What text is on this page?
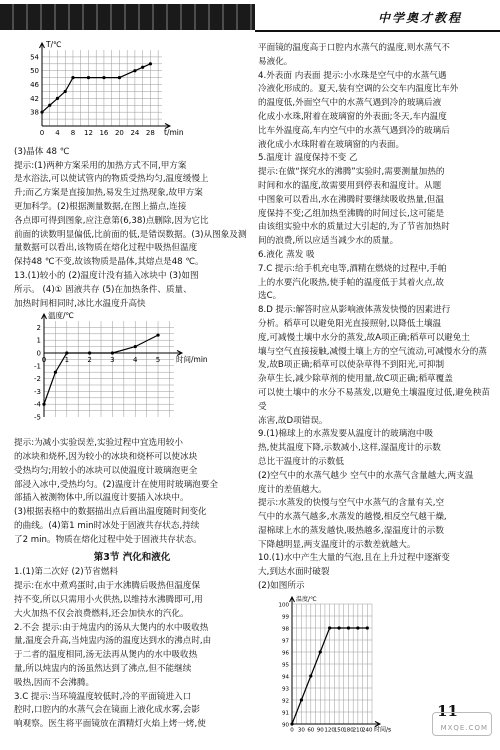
中学奥才教程
38
42
46
50
54
0 4 8 12 16 20 24 28
T/℃
t/min

(3)晶体 48 ℃

提示:(1)两种方案采用的加热方式不同,甲方案

是水浴法,可以使试管内的物质受热均匀,温度缓慢上

升;而乙方案是直接加热,易发生过热现象,故甲方案

更加科学。(2)根据测量数据,在图上描点,连接

各点即可得到图象,应注意第(6,38)点删除,因为它比

前面的读数明显偏低,比前面的低,是错误数据。(3)从图象及测

量数据可以看出,该物质在熔化过程中吸热但温度

保持48 ℃不变,故该物质是晶体,其熔点是48 ℃。

13.(1)较小的 (2)温度计没有插入冰块中 (3)如图

所示。 (4)① 固液共存 (5)在加热条件、质量、

加热时间相同时,冰比水温度升高快

2
1
0
-1
-2
-3
-4
-5
0	1	2	3	4	5
温度/℃
时间/min

提示:为减小实验误差,实验过程中宜选用较小

的冰块和烧杯,因为较小的冰块和烧杯可以使冰块

受热均匀;用较小的冰块可以使温度计玻璃泡更全

部浸入冰中,受热均匀。(2)温度计在使用时玻璃泡要全

部插入被测物体中,所以温度计要插入冰块中。

(3)根据表格中的数据描出点后画出温度随时间变化

的曲线。(4)第1 min时冰处于固液共存状态,持续

了2 min。物质在熔化过程中处于固液共存状态。

第3节 汽化和液化

1.(1)第二次好 (2)节省燃料

提示:在水中煮鸡蛋时,由于水沸腾后吸热但温度保

持不变,所以只需用小火供热,以维持水沸腾即可,用

大火加热不仅会浪费燃料,还会加快水的汽化。

2.不会 提示:由于炖盅内的汤从大煲内的水中吸收热

量,温度会升高,当炖盅内汤的温度达到水的沸点时,由

于二者的温度相同,汤无法再从煲内的水中吸收热

量,所以炖盅内的汤虽然达到了沸点,但不能继续

吸热,因而不会沸腾。

3.C 提示:当环境温度较低时,冷的平面镜进入口

腔时,口腔内的水蒸气会在镜面上液化成水雾,会影

响观察。医生将平面镜放在酒精灯火焰上烤一烤,使

平面镜的温度高于口腔内水蒸气的温度,则水蒸气不

易液化。

4.外表面 内表面 提示:小水珠是空气中的水蒸气遇

冷液化形成的。夏天,装有空调的公交车内温度比车外

的温度低,外面空气中的水蒸气遇到冷的玻璃后液

化成小水珠,附着在玻璃窗的外表面;冬天,车内温度

比车外温度高,车内空气中的水蒸气遇到冷的玻璃后

液化成小水珠附着在玻璃窗的内表面。

5.温度计 温度保持不变 乙

提示:在做“探究水的沸腾”实验时,需要测量加热的

时间和水的温度,故需要用到停表和温度计。从题

中图象可以看出,水在沸腾时要继续吸收热量,但温

度保持不变;乙组加热至沸腾的时间过长,这可能是

由该组实验中水的质量过大引起的,为了节省加热时

间的浪费,所以应适当减少水的质量。

6.液化 蒸发 吸

7.C 提示:给手机充电等,酒精在燃烧的过程中,手帕

上的水要汽化吸热,使手帕的温度低于其着火点,故

选C。

8.D 提示:解答时应从影响液体蒸发快慢的因素进行

分析。稻草可以避免阳光直接照射,以降低土壤温

度,可减慢土壤中水分的蒸发,故A项正确;稻草可以避免土

壤与空气直接接触,减慢土壤上方的空气流动,可减慢水分的蒸

发,故B项正确;稻草可以使杂草得不到阳光,可抑制

杂草生长,减少除草剂的使用量,故C项正确;稻草覆盖

可以使土壤中的水分不易蒸发,以避免土壤温度过低,避免秧苗受

冻害,故D项错误。

9.(1)棉球上的水蒸发要从温度计的玻璃泡中吸

热,使其温度下降,示数减小,这样,湿温度计的示数

总比干温度计的示数低

(2)空气中的水蒸气越少 空气中的水蒸气含量越大,两支温

度计的差值越大。

提示:水蒸发的快慢与空气中水蒸气的含量有关,空

气中的水蒸气越多,水蒸发的越慢,相反空气越干燥,

湿棉球上水的蒸发越快,吸热越多,湿温度计的示数

下降越明显,两支温度计的示数差就越大。

10.(1)水中产生大量的气泡,且在上升过程中逐渐变

大,到达水面时破裂

(2)如图所示

100
99
98
97
96
95
94
93
92
91
90
0 30 60 90 120
150
180
210
240
温度/℃
时间/s
11
MXQE.COM
